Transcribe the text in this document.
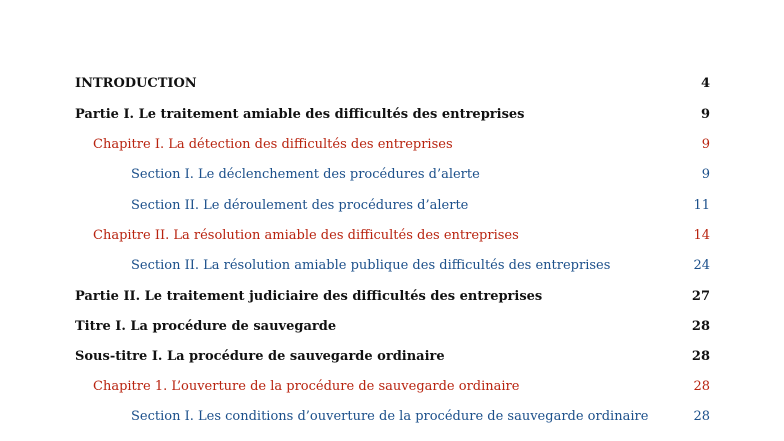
INTRODUCTION	4
Partie I. Le traitement amiable des difficultés des entreprises	9
Chapitre I. La détection des difficultés des entreprises	9
Section I. Le déclenchement des procédures d’alerte	9
Section II. Le déroulement des procédures d’alerte	11
Chapitre II. La résolution amiable des difficultés des entreprises	14
Section II. La résolution amiable publique des difficultés des entreprises	24
Partie II. Le traitement judiciaire des difficultés des entreprises	27
Titre I. La procédure de sauvegarde	28
Sous-titre I. La procédure de sauvegarde ordinaire	28
Chapitre 1. L’ouverture de la procédure de sauvegarde ordinaire	28
Section I. Les conditions d’ouverture de la procédure de sauvegarde ordinaire	28
